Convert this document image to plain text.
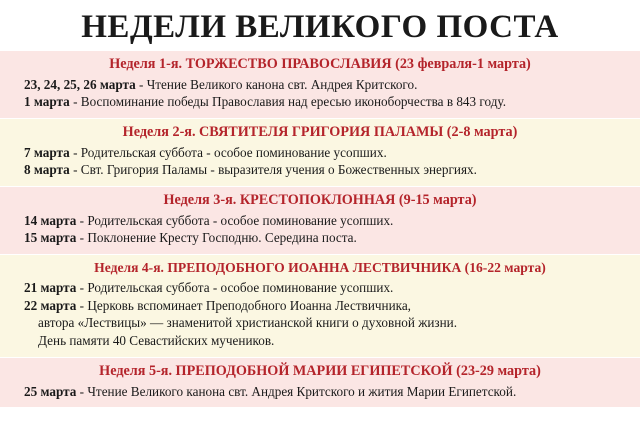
НЕДЕЛИ ВЕЛИКОГО ПОСТА
Неделя 1-я. ТОРЖЕСТВО ПРАВОСЛАВИЯ (23 февраля-1 марта)
23, 24, 25, 26 марта - Чтение Великого канона свт. Андрея Критского.
1 марта - Воспоминание победы Православия над ересью иконоборчества в 843 году.
Неделя 2-я. СВЯТИТЕЛЯ ГРИГОРИЯ ПАЛАМЫ (2-8 марта)
7 марта - Родительская суббота - особое поминование усопших.
8 марта - Свт. Григория Паламы - выразителя учения о Божественных энергиях.
Неделя 3-я. КРЕСТОПОКЛОННАЯ (9-15 марта)
14 марта - Родительская суббота - особое поминование усопших.
15 марта - Поклонение Кресту Господню. Середина поста.
Неделя 4-я. ПРЕПОДОБНОГО ИОАННА ЛЕСТВИЧНИКА (16-22 марта)
21 марта - Родительская суббота - особое поминование усопших.
22 марта - Церковь вспоминает Преподобного Иоанна Лествичника,
автора «Лествицы» — знаменитой христианской книги о духовной жизни.
День памяти 40 Севастийских мучеников.
Неделя 5-я. ПРЕПОДОБНОЙ МАРИИ ЕГИПЕТСКОЙ (23-29 марта)
25 марта - Чтение Великого канона свт. Андрея Критского и жития Марии Египетской.
